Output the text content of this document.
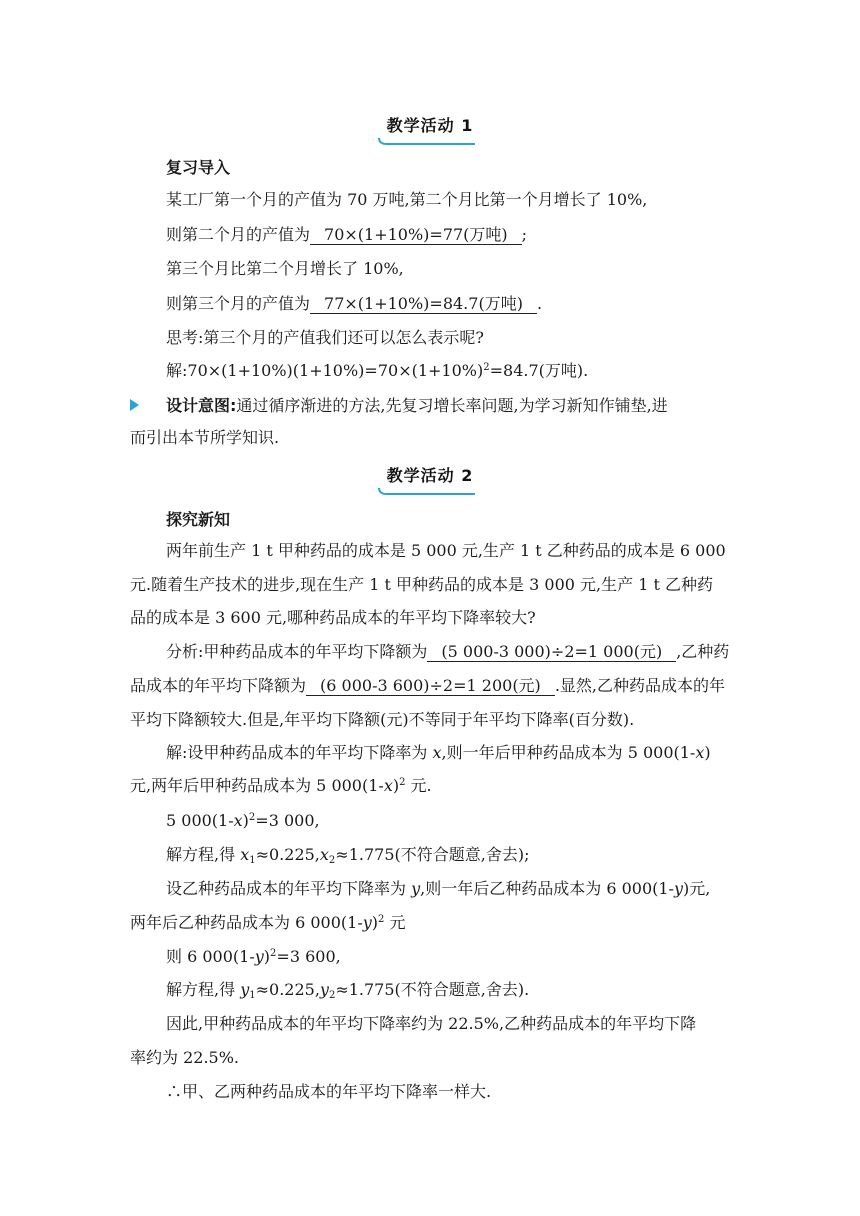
教学活动 1
复习导入
某工厂第一个月的产值为 70 万吨,第二个月比第一个月增长了 10%,
则第二个月的产值为 70×(1+10%)=77(万吨) ;
第三个月比第二个月增长了 10%,
则第三个月的产值为 77×(1+10%)=84.7(万吨) .
思考:第三个月的产值我们还可以怎么表示呢?
解$:70\times(1+10\%)(1+10\%)=70\times(1+10\%)^2=84.7$(万吨).
设计意图:通过循序渐进的方法,先复习增长率问题,为学习新知作铺垫,进
而引出本节所学知识.
教学活动 2
探究新知
两年前生产 1 t 甲种药品的成本是 5 000 元,生产 1 t 乙种药品的成本是 6 000
元.随着生产技术的进步,现在生产 1 t 甲种药品的成本是 3 000 元,生产 1 t 乙种药
品的成本是 3 600 元,哪种药品成本的年平均下降率较大?
分析:甲种药品成本的年平均下降额为 (5 000-3 000)÷2=1 000(元) ,乙种药
品成本的年平均下降额为 (6 000-3 600)÷2=1 200(元) .显然,乙种药品成本的年
平均下降额较大.但是,年平均下降额(元)不等同于年平均下降率(百分数).
解:设甲种药品成本的年平均下降率为 x,则一年后甲种药品成本为 5 000(1-x)
元,两年后甲种药品成本为 5 $000(1-x)^2$ 元.
5 $000(1-x)^2=3$ 000,
解方程,得 $x_1\approx 0.225,x_2\approx 1.775$(不符合题意,舍去);
设乙种药品成本的年平均下降率为 y,则一年后乙种药品成本为 6 000(1-y)元,
两年后乙种药品成本为 6 $000(1-y)^2$ 元
则 6 $000(1-y)^2=3$ 600,
解方程,得 $y_1\approx 0.225,y_2\approx 1.775$(不符合题意,舍去).
因此,甲种药品成本的年平均下降率约为 22.5%,乙种药品成本的年平均下降
率约为 22.5%.
∴甲、乙两种药品成本的年平均下降率一样大.
